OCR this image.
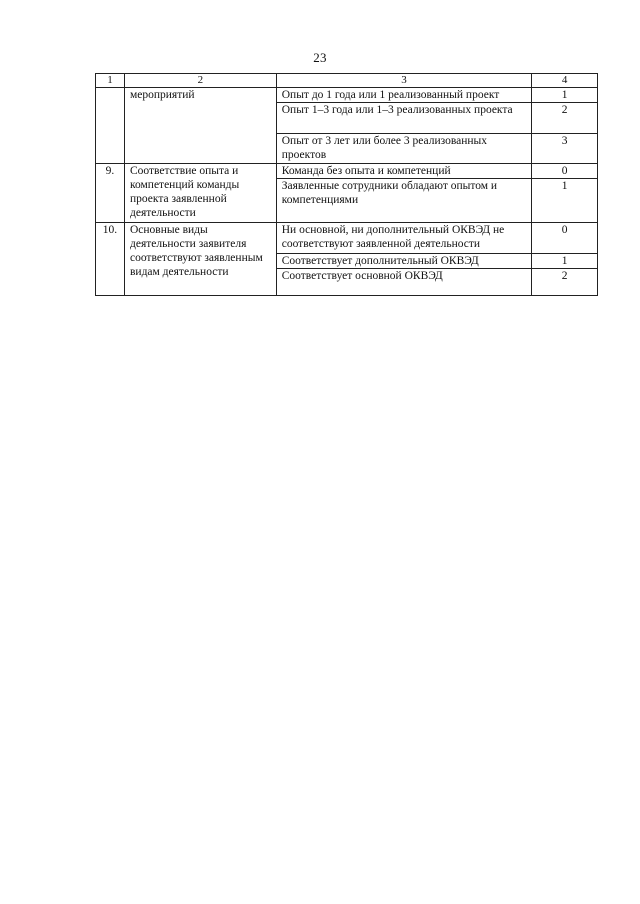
23
1	2	3	4
	мероприятий	Опыт до 1 года или 1 реализованный проект	1
		Опыт 1–3 года или 1–3 реализованных проекта	2
		Опыт от 3 лет или более 3 реализованных проектов	3
9.	Соответствие опыта и компетенций команды проекта заявленной деятельности	Команда без опыта и компетенций	0
		Заявленные сотрудники обладают опытом и компетенциями	1
10.	Основные виды деятельности заявителя соответствуют заявленным видам деятельности	Ни основной, ни дополнительный ОКВЭД не соответствуют заявленной деятельности	0
		Соответствует дополнительный ОКВЭД	1
		Соответствует основной ОКВЭД	2
